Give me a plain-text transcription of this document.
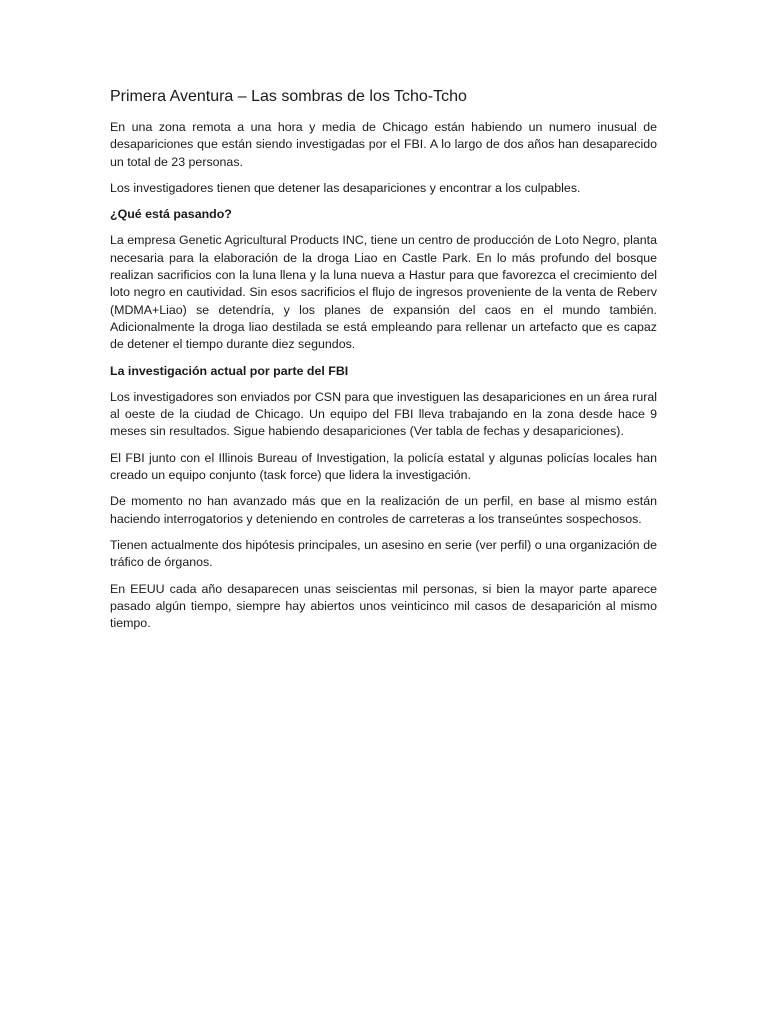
Primera Aventura – Las sombras de los Tcho-Tcho

En una zona remota a una hora y media de Chicago están habiendo un numero inusual de desapariciones que están siendo investigadas por el FBI. A lo largo de dos años han desaparecido un total de 23 personas.

Los investigadores tienen que detener las desapariciones y encontrar a los culpables.

¿Qué está pasando?

La empresa Genetic Agricultural Products INC, tiene un centro de producción de Loto Negro, planta necesaria para la elaboración de la droga Liao en Castle Park. En lo más profundo del bosque realizan sacrificios con la luna llena y la luna nueva a Hastur para que favorezca el crecimiento del loto negro en cautividad. Sin esos sacrificios el flujo de ingresos proveniente de la venta de Reberv (MDMA+Liao) se detendría, y los planes de expansión del caos en el mundo también. Adicionalmente la droga liao destilada se está empleando para rellenar un artefacto que es capaz de detener el tiempo durante diez segundos.

La investigación actual por parte del FBI

Los investigadores son enviados por CSN para que investiguen las desapariciones en un área rural al oeste de la ciudad de Chicago. Un equipo del FBI lleva trabajando en la zona desde hace 9 meses sin resultados. Sigue habiendo desapariciones (Ver tabla de fechas y desapariciones).

El FBI junto con el Illinois Bureau of Investigation, la policía estatal y algunas policías locales han creado un equipo conjunto (task force) que lidera la investigación.

De momento no han avanzado más que en la realización de un perfil, en base al mismo están haciendo interrogatorios y deteniendo en controles de carreteras a los transeúntes sospechosos.

Tienen actualmente dos hipótesis principales, un asesino en serie (ver perfil) o una organización de tráfico de órganos.

En EEUU cada año desaparecen unas seiscientas mil personas, si bien la mayor parte aparece pasado algún tiempo, siempre hay abiertos unos veinticinco mil casos de desaparición al mismo tiempo.
